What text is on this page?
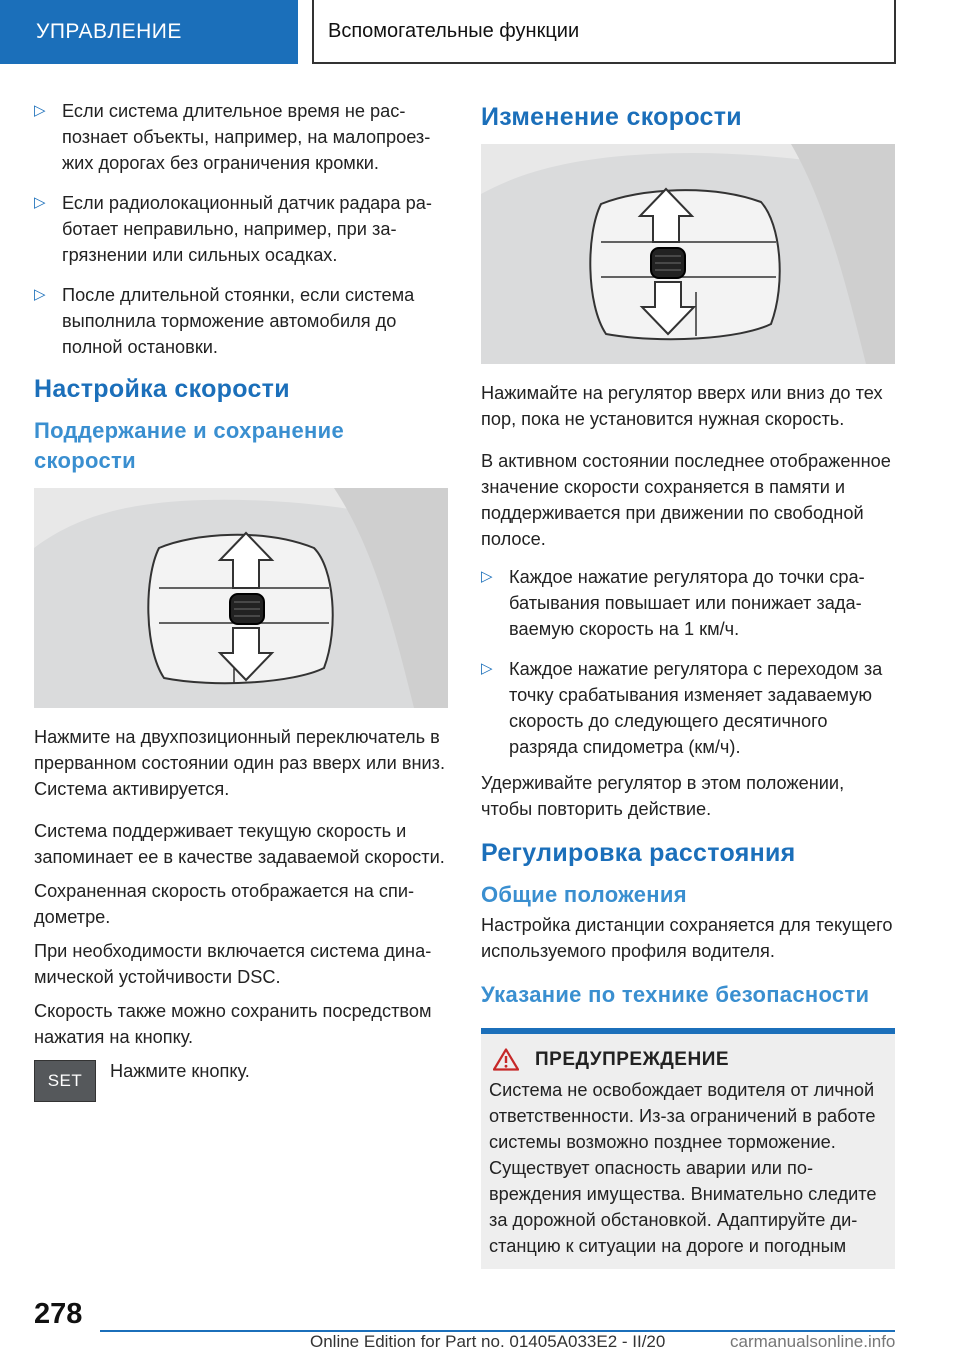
УПРАВЛЕНИЕ	Вспомогательные функции
▷ Если система длительное время не распознает объекты, например, на малопроезжих дорогах без ограничения кромки.
▷ Если радиолокационный датчик радара работает неправильно, например, при загрязнении или сильных осадках.
▷ После длительной стоянки, если система выполнила торможение автомобиля до полной остановки.
Настройка скорости
Поддержание и сохранение скорости

Нажмите на двухпозиционный переключатель в прерванном состоянии один раз вверх или вниз. Система активируется.

Система поддерживает текущую скорость и запоминает ее в качестве задаваемой скорости.

Сохраненная скорость отображается на спидометре.

При необходимости включается система динамической устойчивости DSC.

Скорость также можно сохранить посредством нажатия на кнопку.

SET	Нажмите кнопку.
Изменение скорости

Нажимайте на регулятор вверх или вниз до тех пор, пока не установится нужная скорость.

В активном состоянии последнее отображенное значение скорости сохраняется в памяти и поддерживается при движении по свободной полосе.

▷ Каждое нажатие регулятора до точки срабатывания повышает или понижает задаваемую скорость на 1 км/ч.
▷ Каждое нажатие регулятора с переходом за точку срабатывания изменяет задаваемую скорость до следующего десятичного разряда спидометра (км/ч).

Удерживайте регулятор в этом положении, чтобы повторить действие.

Регулировка расстояния
Общие положения

Настройка дистанции сохраняется для текущего используемого профиля водителя.

Указание по технике безопасности
ПРЕДУПРЕЖДЕНИЕ

Система не освобождает водителя от личной ответственности. Из-за ограничений в работе системы возможно позднее торможение. Существует опасность аварии или повреждения имущества. Внимательно следите за дорожной обстановкой. Адаптируйте дистанцию к ситуации на дороге и погодным

278
Online Edition for Part no. 01405A033E2 - II/20	carmanualsonline.info
